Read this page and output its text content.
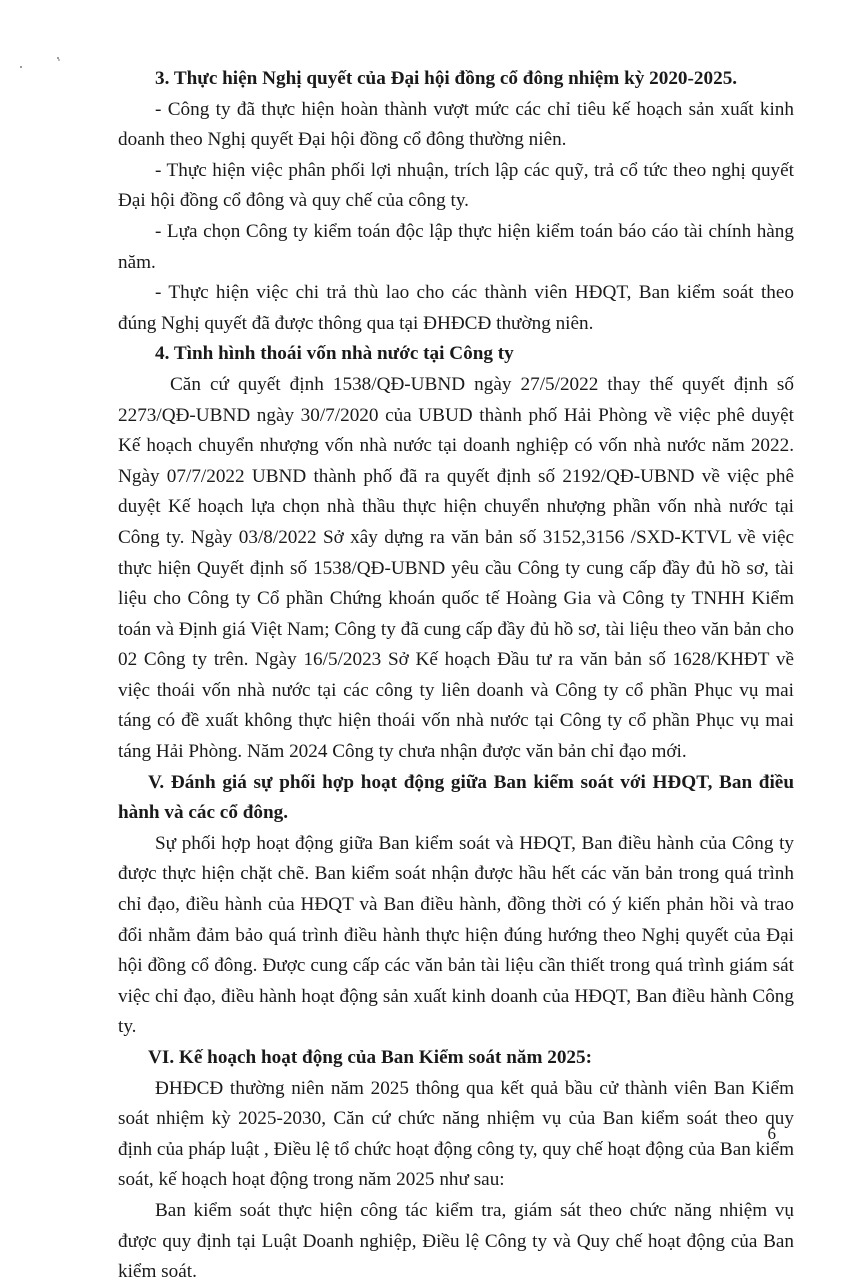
3. Thực hiện Nghị quyết của Đại hội đồng cổ đông nhiệm kỳ 2020-2025.

- Công ty đã thực hiện hoàn thành vượt mức các chỉ tiêu kế hoạch sản xuất kinh doanh theo Nghị quyết Đại hội đồng cổ đông thường niên.

- Thực hiện việc phân phối lợi nhuận, trích lập các quỹ, trả cổ tức theo nghị quyết Đại hội đồng cổ đông và quy chế của công ty.

- Lựa chọn Công ty kiểm toán độc lập thực hiện kiểm toán báo cáo tài chính hàng năm.

- Thực hiện việc chi trả thù lao cho các thành viên HĐQT, Ban kiểm soát theo đúng Nghị quyết đã được thông qua tại ĐHĐCĐ thường niên.

4. Tình hình thoái vốn nhà nước tại Công ty

Căn cứ quyết định 1538/QĐ-UBND ngày 27/5/2022 thay thế quyết định số 2273/QĐ-UBND ngày 30/7/2020 của UBUD thành phố Hải Phòng về việc phê duyệt Kế hoạch chuyển nhượng vốn nhà nước tại doanh nghiệp có vốn nhà nước năm 2022. Ngày 07/7/2022 UBND thành phố đã ra quyết định số 2192/QĐ-UBND về việc phê duyệt Kế hoạch lựa chọn nhà thầu thực hiện chuyển nhượng phần vốn nhà nước tại Công ty. Ngày 03/8/2022 Sở xây dựng ra văn bản số 3152,3156 /SXD-KTVL về việc thực hiện Quyết định số 1538/QĐ-UBND yêu cầu Công ty cung cấp đầy đủ hồ sơ, tài liệu cho Công ty Cổ phần Chứng khoán quốc tế Hoàng Gia và Công ty TNHH Kiểm toán và Định giá Việt Nam; Công ty đã cung cấp đầy đủ hồ sơ, tài liệu theo văn bản cho 02 Công ty trên. Ngày 16/5/2023 Sở Kế hoạch Đầu tư ra văn bản số 1628/KHĐT về việc thoái vốn nhà nước tại các công ty liên doanh và Công ty cổ phần Phục vụ mai táng có đề xuất không thực hiện thoái vốn nhà nước tại Công ty cổ phần Phục vụ mai táng Hải Phòng. Năm 2024 Công ty chưa nhận được văn bản chỉ đạo mới.

V. Đánh giá sự phối hợp hoạt động giữa Ban kiểm soát với HĐQT, Ban điều hành và các cổ đông.

Sự phối hợp hoạt động giữa Ban kiểm soát và HĐQT, Ban điều hành của Công ty được thực hiện chặt chẽ. Ban kiểm soát nhận được hầu hết các văn bản trong quá trình chỉ đạo, điều hành của HĐQT và Ban điều hành, đồng thời có ý kiến phản hồi và trao đổi nhằm đảm bảo quá trình điều hành thực hiện đúng hướng theo Nghị quyết của Đại hội đồng cổ đông. Được cung cấp các văn bản tài liệu cần thiết trong quá trình giám sát việc chỉ đạo, điều hành hoạt động sản xuất kinh doanh của HĐQT, Ban điều hành Công ty.

VI. Kế hoạch hoạt động của Ban Kiểm soát năm 2025:

ĐHĐCĐ thường niên năm 2025 thông qua kết quả bầu cử thành viên Ban Kiểm soát nhiệm kỳ 2025-2030, Căn cứ chức năng nhiệm vụ của Ban kiểm soát theo quy định của pháp luật , Điều lệ tổ chức hoạt động công ty, quy chế hoạt động của Ban kiểm soát, kế hoạch hoạt động trong năm 2025 như sau:

Ban kiểm soát thực hiện công tác kiểm tra, giám sát theo chức năng nhiệm vụ được quy định tại Luật Doanh nghiệp, Điều lệ Công ty và Quy chế hoạt động của Ban kiểm soát.

6
